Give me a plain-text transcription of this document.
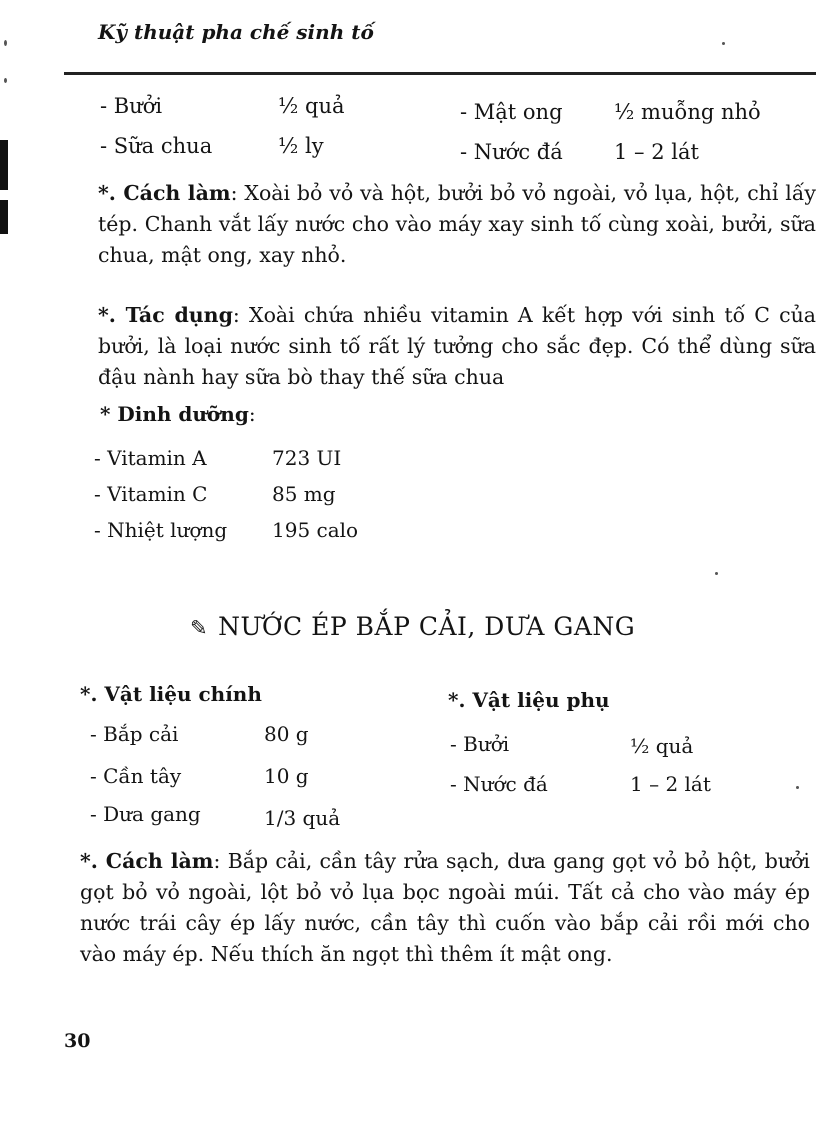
Kỹ thuật pha chế sinh tố
- Bưởi	½ quả
- Sữa chua	½ ly
- Mật ong ½ muỗng nhỏ
- Nước đá 1 – 2 lát
*. Cách làm: Xoài bỏ vỏ và hột, bưởi bỏ vỏ ngoài, vỏ lụa, hột, chỉ lấy tép. Chanh vắt lấy nước cho vào máy xay sinh tố cùng xoài, bưởi, sữa chua, mật ong, xay nhỏ.
*. Tác dụng: Xoài chứa nhiều vitamin A kết hợp với sinh tố C của bưởi, là loại nước sinh tố rất lý tưởng cho sắc đẹp. Có thể dùng sữa đậu nành hay sữa bò thay thế sữa chua
* Dinh dưỡng:
- Vitamin A	723 UI
- Vitamin C	85 mg
- Nhiệt lượng 195 calo
✎ NƯỚC ÉP BẮP CẢI, DƯA GANG
*. Vật liệu chính
- Bắp cải	80 g
- Cần tây	10 g
- Dưa gang	1/3 quả
*. Vật liệu phụ
- Bưởi	½ quả
- Nước đá	1 – 2 lát
*. Cách làm: Bắp cải, cần tây rửa sạch, dưa gang gọt vỏ bỏ hột, bưởi gọt bỏ vỏ ngoài, lột bỏ vỏ lụa bọc ngoài múi. Tất cả cho vào máy ép nước trái cây ép lấy nước, cần tây thì cuốn vào bắp cải rồi mới cho vào máy ép. Nếu thích ăn ngọt thì thêm ít mật ong.
30
